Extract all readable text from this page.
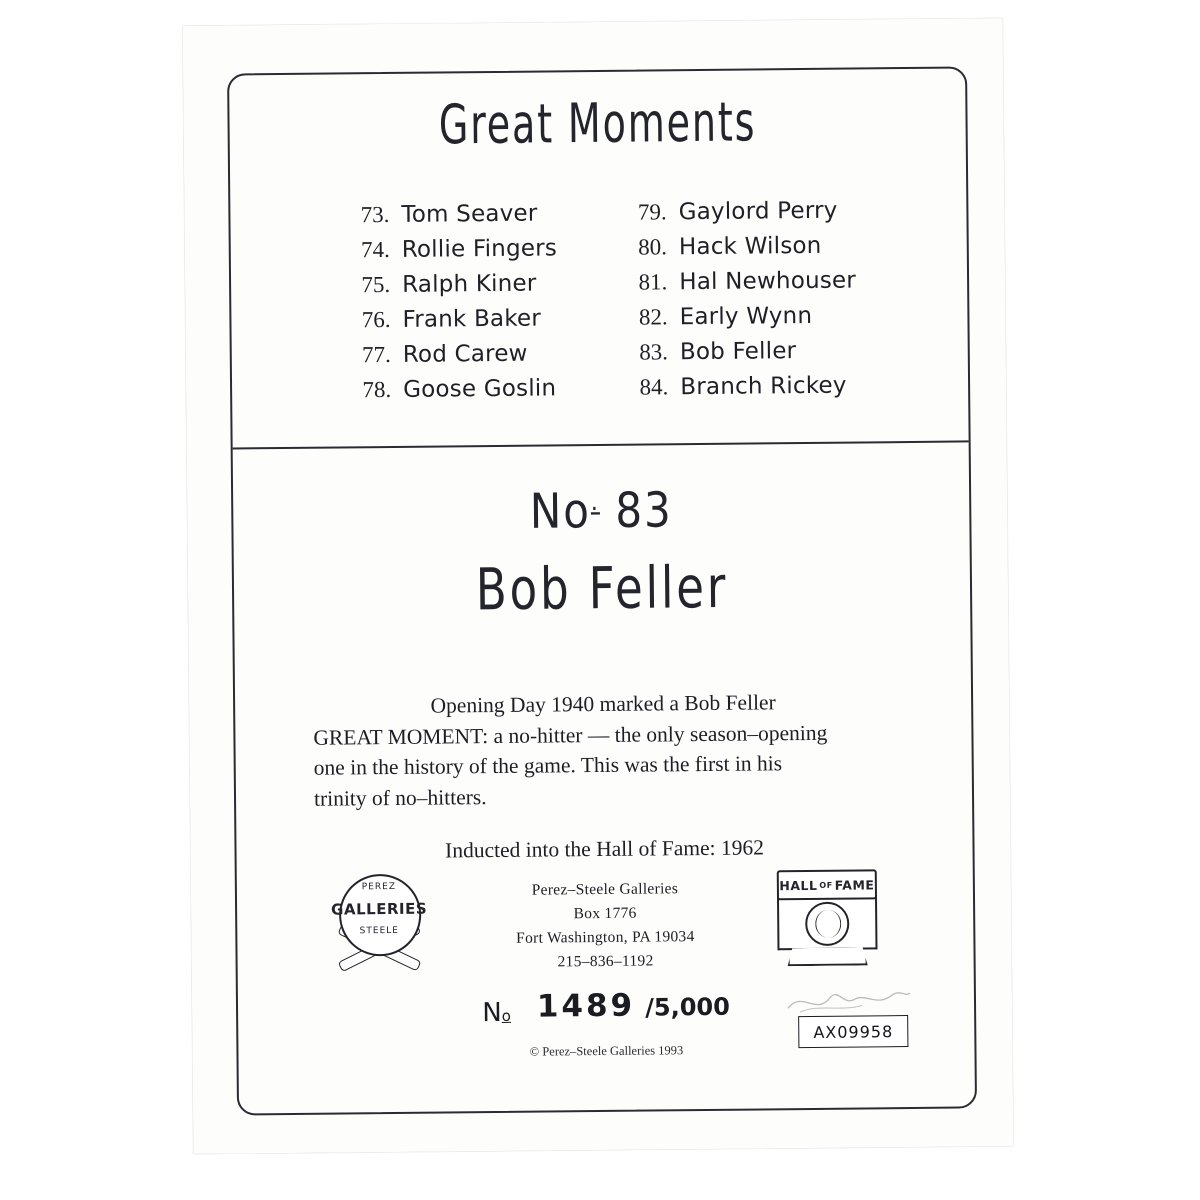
Great Moments
73. Tom Seaver
74. Rollie Fingers
75. Ralph Kiner
76. Frank Baker
77. Rod Carew
78. Goose Goslin
79. Gaylord Perry
80. Hack Wilson
81. Hal Newhouser
82. Early Wynn
83. Bob Feller
84. Branch Rickey
No. 83
Bob Feller
Opening Day 1940 marked a Bob Feller
GREAT MOMENT: a no-hitter — the only season–opening
one in the history of the game. This was the first in his
trinity of no–hitters.
Inducted into the Hall of Fame: 1962
PEREZ
GALLERIES
STEELE
Perez–Steele Galleries
Box 1776
Fort Washington, PA 19034
215–836–1192
HALL OF FAME
No 1489 /5,000
AX09958
© Perez–Steele Galleries 1993
